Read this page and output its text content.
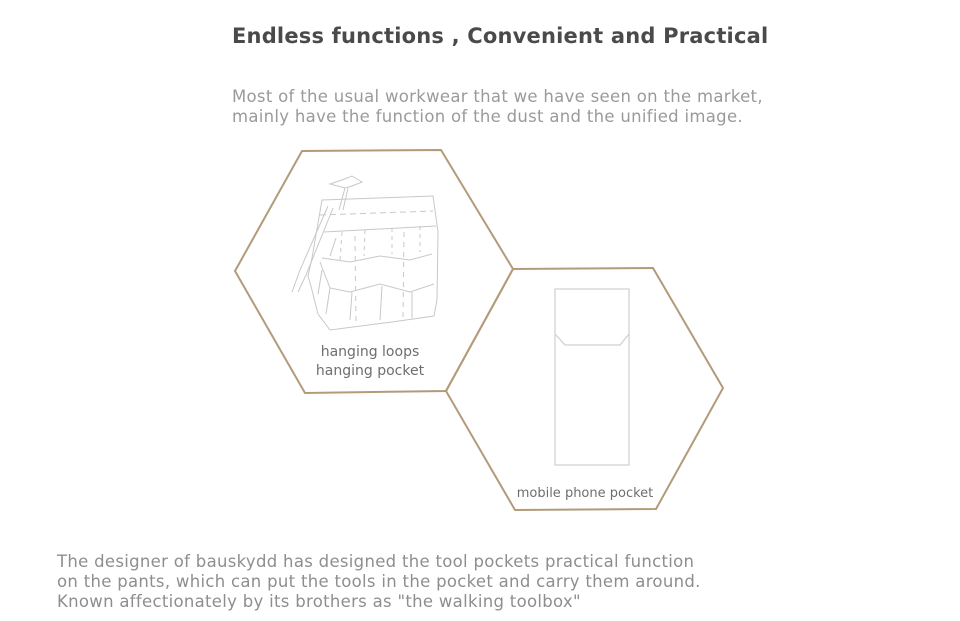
Endless functions , Convenient and Practical
Most of the usual workwear that we have seen on the market,
mainly have the function of the dust and the unified image.
hanging loops
hanging pocket
mobile phone pocket
The designer of bauskydd has designed the tool pockets practical function
on the pants, which can put the tools in the pocket and carry them around.
Known affectionately by its brothers as "the walking toolbox"
